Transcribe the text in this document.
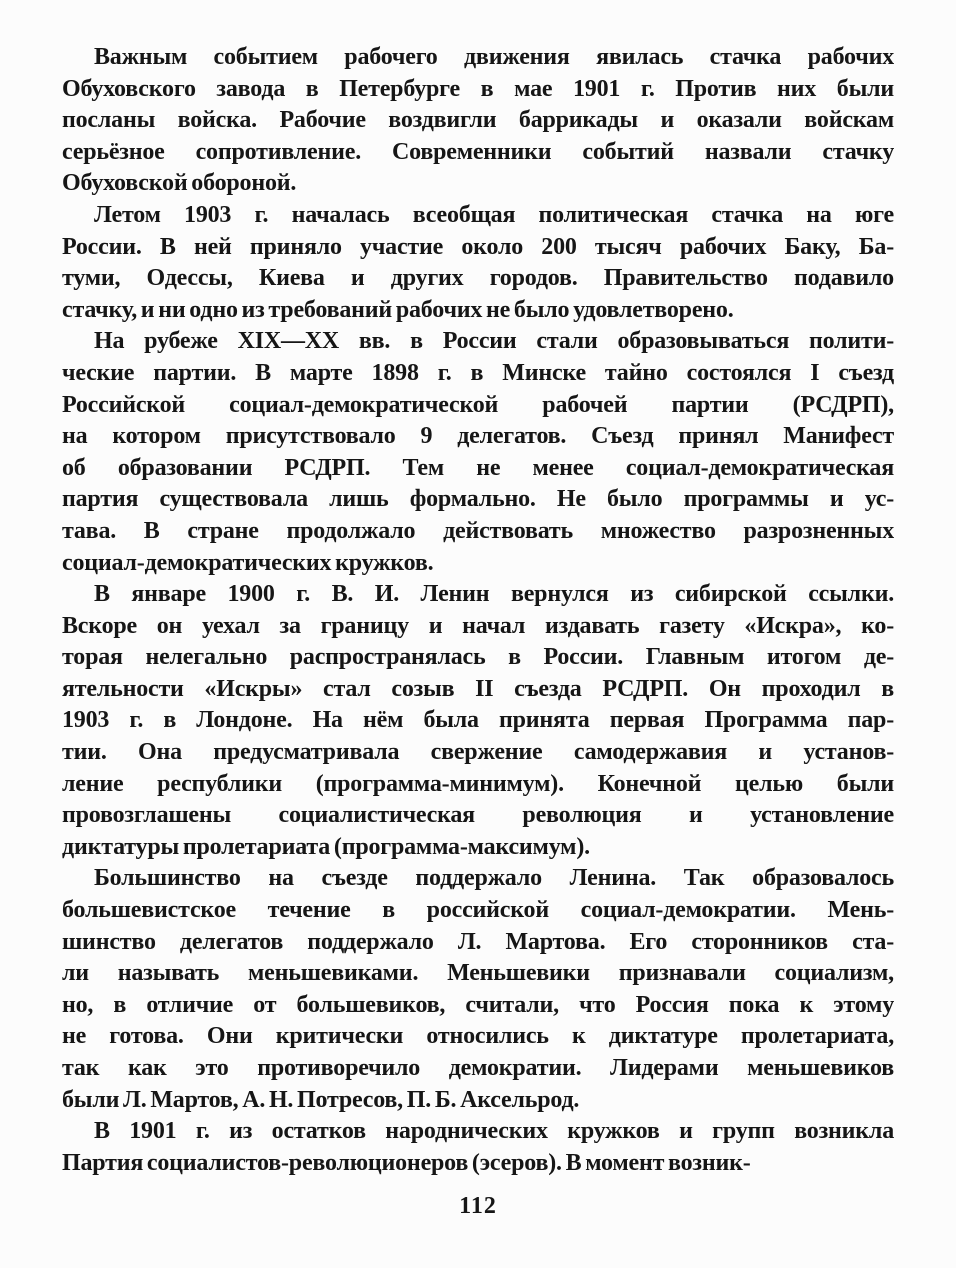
Важным событием рабочего движения явилась стачка рабочих
Обуховского завода в Петербурге в мае 1901 г. Против них были
посланы войска. Рабочие воздвигли баррикады и оказали войскам
серьёзное сопротивление. Современники событий назвали стачку
Обуховской обороной.

Летом 1903 г. началась всеобщая политическая стачка на юге
России. В ней приняло участие около 200 тысяч рабочих Баку, Ба-
туми, Одессы, Киева и других городов. Правительство подавило
стачку, и ни одно из требований рабочих не было удовлетворено.

На рубеже XIX—XX вв. в России стали образовываться полити-
ческие партии. В марте 1898 г. в Минске тайно состоялся I съезд
Российской социал-демократической рабочей партии (РСДРП),
на котором присутствовало 9 делегатов. Съезд принял Манифест
об образовании РСДРП. Тем не менее социал-демократическая
партия существовала лишь формально. Не было программы и ус-
тава. В стране продолжало действовать множество разрозненных
социал-демократических кружков.

В январе 1900 г. В. И. Ленин вернулся из сибирской ссылки.
Вскоре он уехал за границу и начал издавать газету «Искра», ко-
торая нелегально распространялась в России. Главным итогом де-
ятельности «Искры» стал созыв II съезда РСДРП. Он проходил в
1903 г. в Лондоне. На нём была принята первая Программа пар-
тии. Она предусматривала свержение самодержавия и установ-
ление республики (программа-минимум). Конечной целью были
провозглашены социалистическая революция и установление
диктатуры пролетариата (программа-максимум).

Большинство на съезде поддержало Ленина. Так образовалось
большевистское течение в российской социал-демократии. Мень-
шинство делегатов поддержало Л. Мартова. Его сторонников ста-
ли называть меньшевиками. Меньшевики признавали социализм,
но, в отличие от большевиков, считали, что Россия пока к этому
не готова. Они критически относились к диктатуре пролетариата,
так как это противоречило демократии. Лидерами меньшевиков
были Л. Мартов, А. Н. Потресов, П. Б. Аксельрод.

В 1901 г. из остатков народнических кружков и групп возникла
Партия социалистов-революционеров (эсеров). В момент возник-

112
